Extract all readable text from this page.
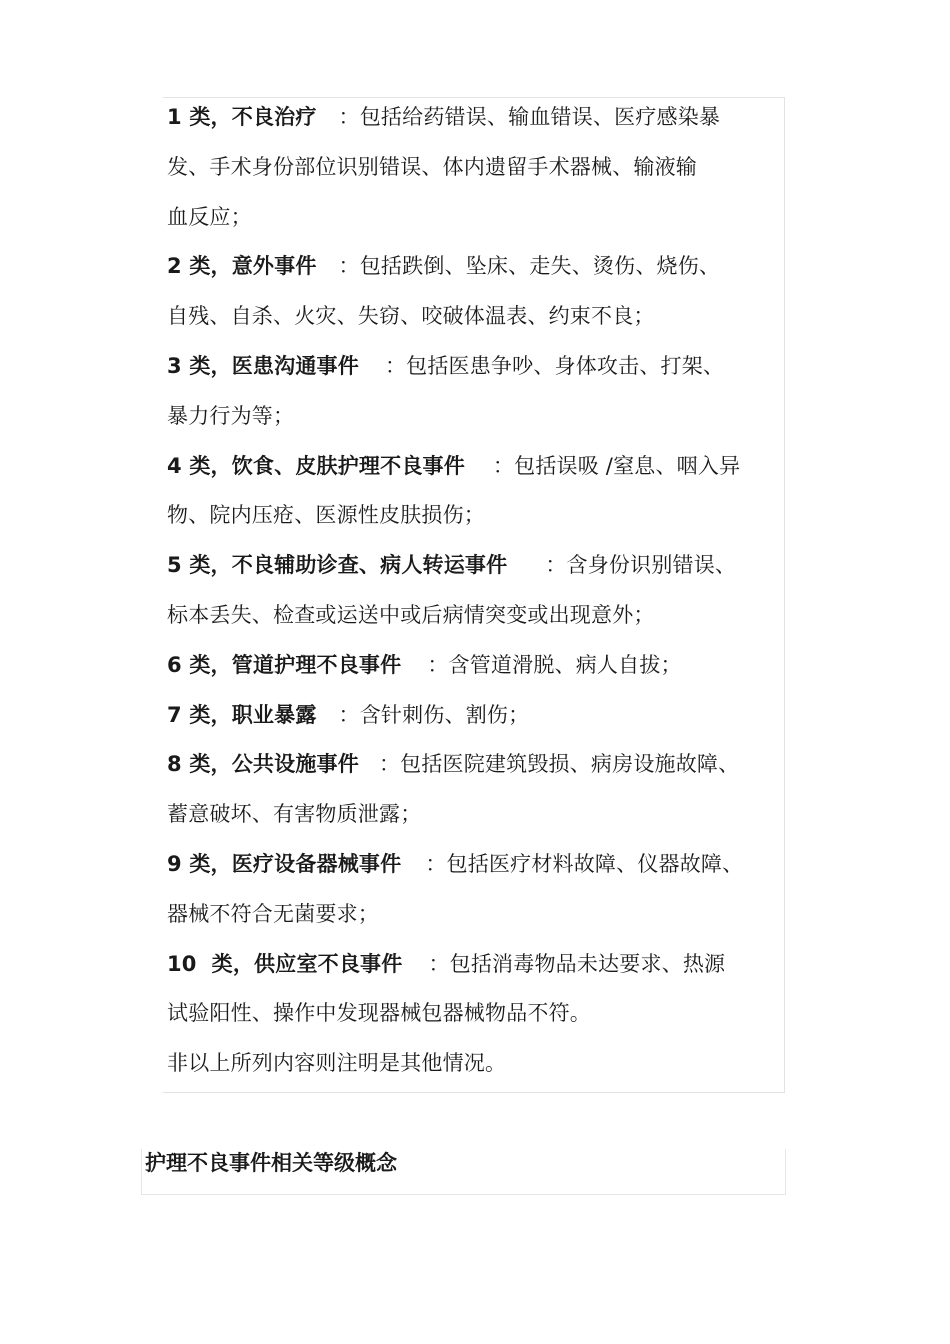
1 类，不良治疗 ：包括给药错误、输血错误、医疗感染暴
发、手术身份部位识别错误、体内遗留手术器械、输液输
血反应；
2 类，意外事件 ：包括跌倒、坠床、走失、烫伤、烧伤、
自残、自杀、火灾、失窃、咬破体温表、约束不良；
3 类，医患沟通事件 ：包括医患争吵、身体攻击、打架、
暴力行为等；
4 类，饮食、皮肤护理不良事件 ：包括误吸 /窒息、咽入异
物、院内压疮、医源性皮肤损伤；
5 类，不良辅助诊查、病人转运事件 ：含身份识别错误、
标本丢失、检查或运送中或后病情突变或出现意外；
6 类，管道护理不良事件 ：含管道滑脱、病人自拔；
7 类，职业暴露 ：含针刺伤、割伤；
8 类，公共设施事件 ：包括医院建筑毁损、病房设施故障、
蓄意破坏、有害物质泄露；
9 类，医疗设备器械事件 ：包括医疗材料故障、仪器故障、
器械不符合无菌要求；
10  类，供应室不良事件 ：包括消毒物品未达要求、热源
试验阳性、操作中发现器械包器械物品不符。
非以上所列内容则注明是其他情况。
护理不良事件相关等级概念
